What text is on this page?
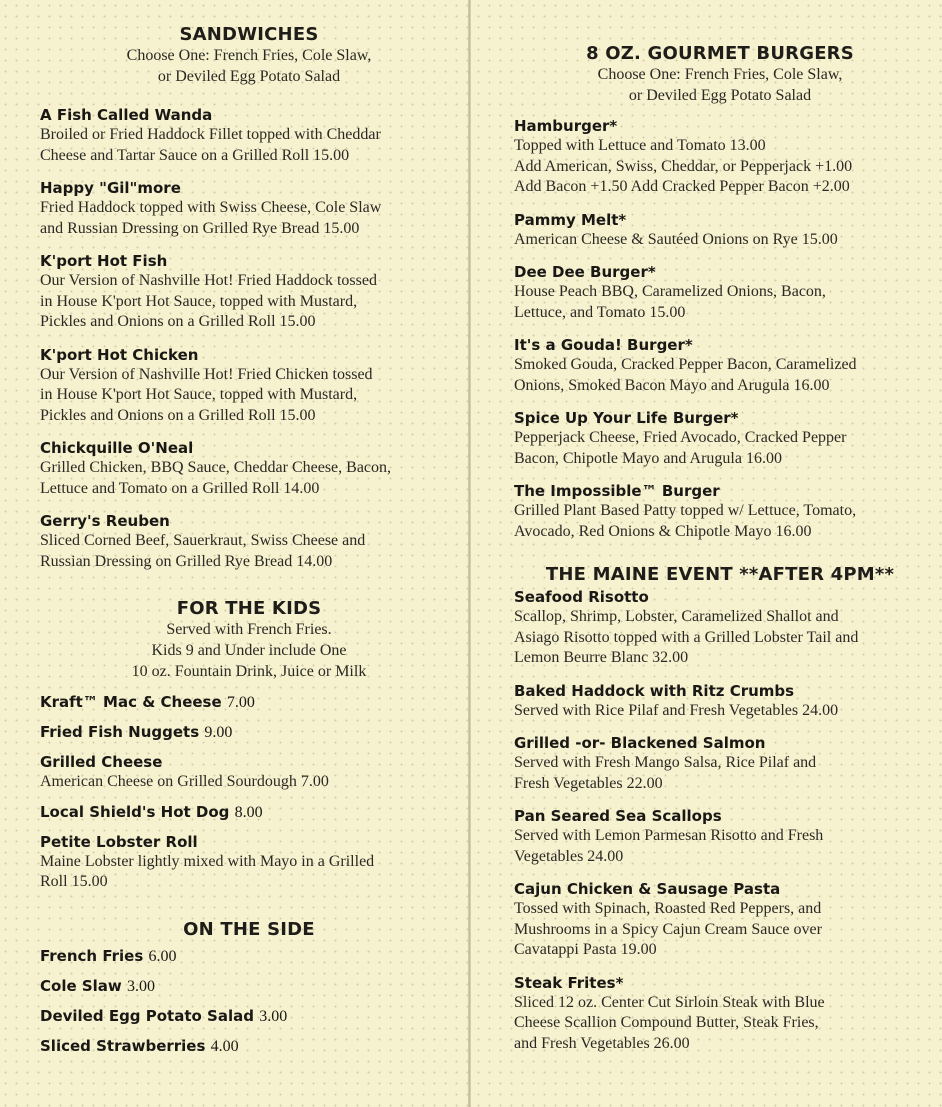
SANDWICHES
Choose One: French Fries, Cole Slaw,
or Deviled Egg Potato Salad
A Fish Called Wanda
Broiled or Fried Haddock Fillet topped with Cheddar
Cheese and Tartar Sauce on a Grilled Roll 15.00
Happy "Gil"more
Fried Haddock topped with Swiss Cheese, Cole Slaw
and Russian Dressing on Grilled Rye Bread 15.00
K'port Hot Fish
Our Version of Nashville Hot! Fried Haddock tossed
in House K'port Hot Sauce, topped with Mustard,
Pickles and Onions on a Grilled Roll 15.00
K'port Hot Chicken
Our Version of Nashville Hot! Fried Chicken tossed
in House K'port Hot Sauce, topped with Mustard,
Pickles and Onions on a Grilled Roll 15.00
Chickquille O'Neal
Grilled Chicken, BBQ Sauce, Cheddar Cheese, Bacon,
Lettuce and Tomato on a Grilled Roll 14.00
Gerry's Reuben
Sliced Corned Beef, Sauerkraut, Swiss Cheese and
Russian Dressing on Grilled Rye Bread 14.00
FOR THE KIDS
Served with French Fries.
Kids 9 and Under include One
10 oz. Fountain Drink, Juice or Milk
Kraft™ Mac & Cheese 7.00
Fried Fish Nuggets 9.00
Grilled Cheese
American Cheese on Grilled Sourdough 7.00
Local Shield's Hot Dog 8.00
Petite Lobster Roll
Maine Lobster lightly mixed with Mayo in a Grilled
Roll 15.00
ON THE SIDE
French Fries 6.00
Cole Slaw 3.00
Deviled Egg Potato Salad 3.00
Sliced Strawberries 4.00
8 OZ. GOURMET BURGERS
Choose One: French Fries, Cole Slaw,
or Deviled Egg Potato Salad
Hamburger*
Topped with Lettuce and Tomato 13.00
Add American, Swiss, Cheddar, or Pepperjack +1.00
Add Bacon +1.50 Add Cracked Pepper Bacon +2.00
Pammy Melt*
American Cheese & Sautéed Onions on Rye 15.00
Dee Dee Burger*
House Peach BBQ, Caramelized Onions, Bacon,
Lettuce, and Tomato 15.00
It's a Gouda! Burger*
Smoked Gouda, Cracked Pepper Bacon, Caramelized
Onions, Smoked Bacon Mayo and Arugula 16.00
Spice Up Your Life Burger*
Pepperjack Cheese, Fried Avocado, Cracked Pepper
Bacon, Chipotle Mayo and Arugula 16.00
The Impossible™ Burger
Grilled Plant Based Patty topped w/ Lettuce, Tomato,
Avocado, Red Onions & Chipotle Mayo 16.00
THE MAINE EVENT **AFTER 4PM**
Seafood Risotto
Scallop, Shrimp, Lobster, Caramelized Shallot and
Asiago Risotto topped with a Grilled Lobster Tail and
Lemon Beurre Blanc 32.00
Baked Haddock with Ritz Crumbs
Served with Rice Pilaf and Fresh Vegetables 24.00
Grilled -or- Blackened Salmon
Served with Fresh Mango Salsa, Rice Pilaf and
Fresh Vegetables 22.00
Pan Seared Sea Scallops
Served with Lemon Parmesan Risotto and Fresh
Vegetables 24.00
Cajun Chicken & Sausage Pasta
Tossed with Spinach, Roasted Red Peppers, and
Mushrooms in a Spicy Cajun Cream Sauce over
Cavatappi Pasta 19.00
Steak Frites*
Sliced 12 oz. Center Cut Sirloin Steak with Blue
Cheese Scallion Compound Butter, Steak Fries,
and Fresh Vegetables 26.00
